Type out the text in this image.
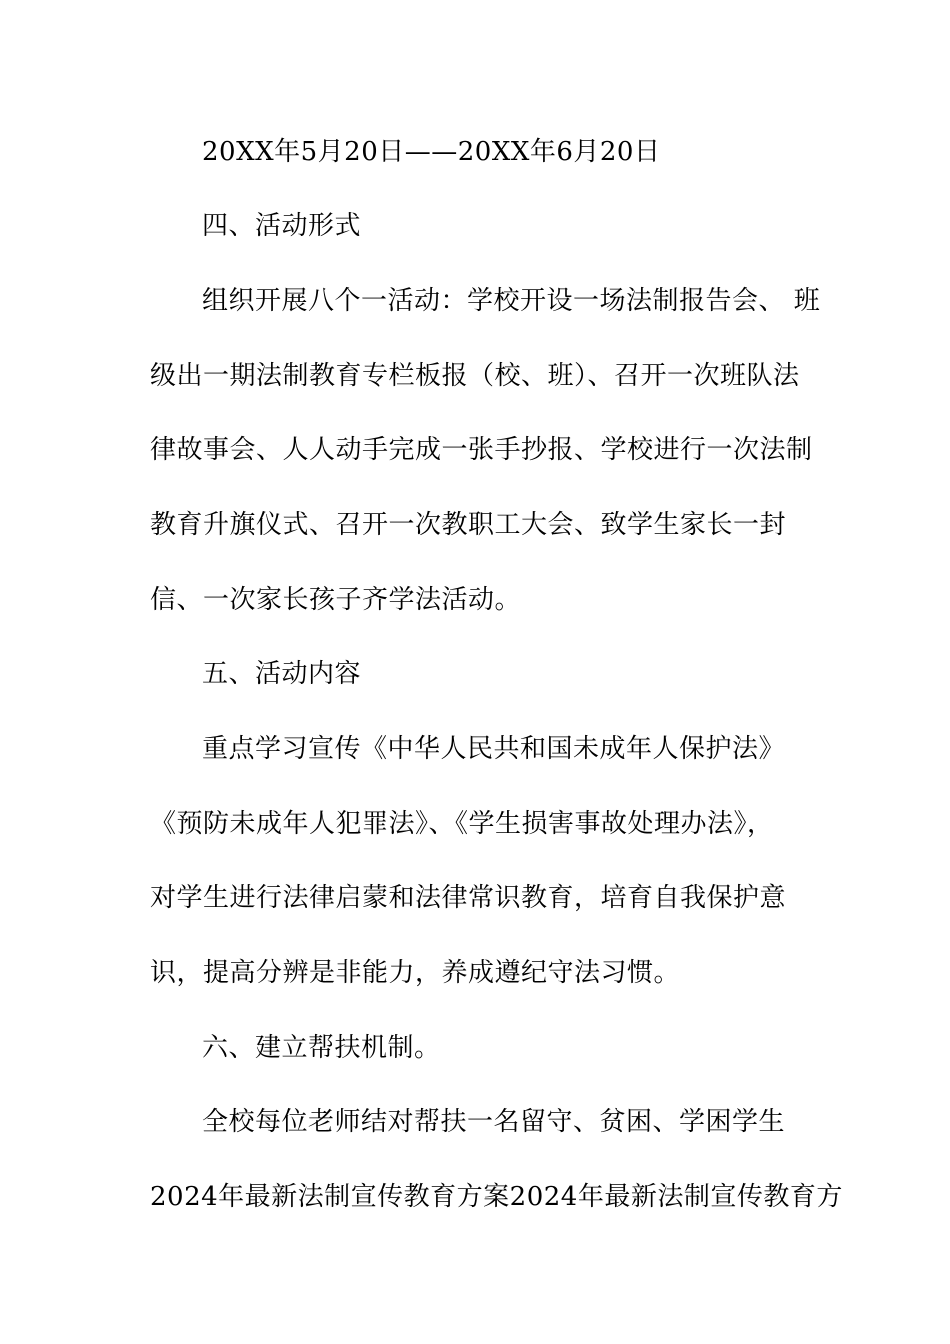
20XX年5月20日——20XX年6月20日
四、活动形式
组织开展八个一活动：学校开设一场法制报告会、 班
级出一期法制教育专栏板报（校、班）、召开一次班队法
律故事会、人人动手完成一张手抄报、学校进行一次法制
教育升旗仪式、召开一次教职工大会、致学生家长一封
信、一次家长孩子齐学法活动。
五、活动内容
重点学习宣传《中华人民共和国未成年人保护法》
《预防未成年人犯罪法》、《学生损害事故处理办法》，
对学生进行法律启蒙和法律常识教育，培育自我保护意
识，提高分辨是非能力，养成遵纪守法习惯。
六、建立帮扶机制。
全校每位老师结对帮扶一名留守、贫困、学困学生
2024年最新法制宣传教育方案2024年最新法制宣传教育方
